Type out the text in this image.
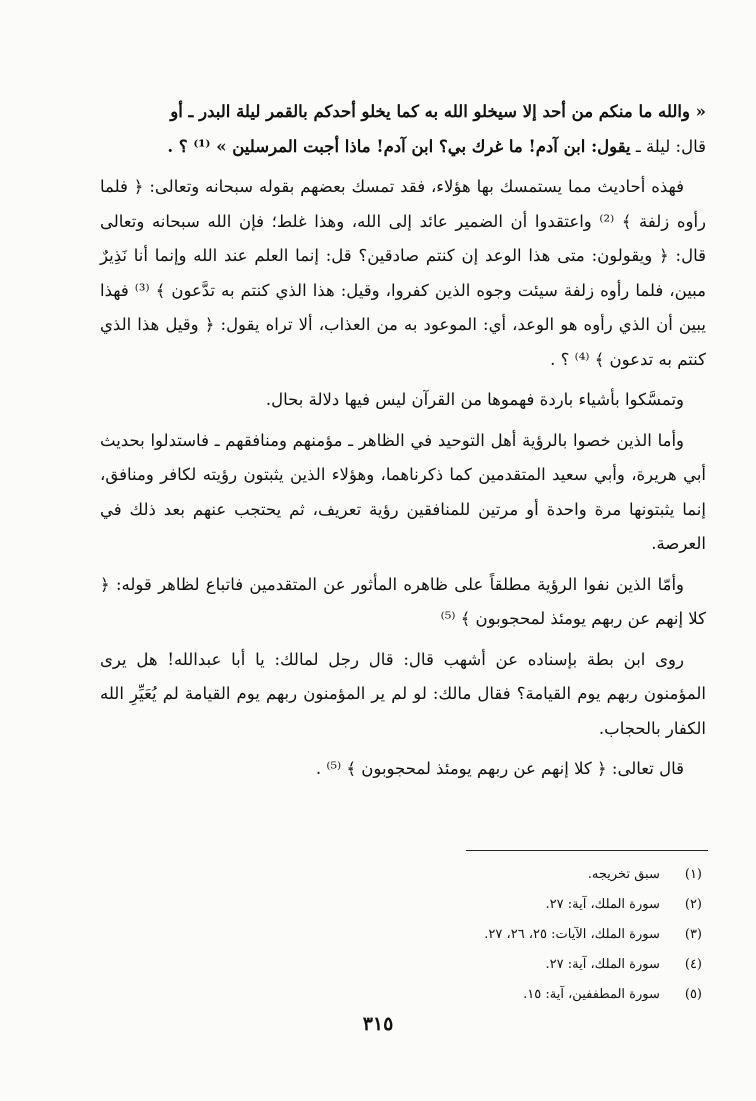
« والله ما منكم من أحد إلا سيخلو الله به كما يخلو أحدكم بالقمر ليلة البدر ـ أو
قال: ليلة ـ يقول: ابن آدم! ما غرك بي؟ ابن آدم! ماذا أجبت المرسلين » ⁽¹⁾ ؟ .

فهذه أحاديث مما يستمسك بها هؤلاء، فقد تمسك بعضهم بقوله سبحانه وتعالى: ﴿ فلما رأوه زلفة ﴾ ⁽²⁾ واعتقدوا أن الضمير عائد إلى الله، وهذا غلط؛ فإن الله سبحانه وتعالى قال: ﴿ ويقولون: متى هذا الوعد إن كنتم صادقين؟ قل: إنما العلم عند الله وإنما أنا نَذِيرٌ مبين، فلما رأوه زلفة سيئت وجوه الذين كفروا، وقيل: هذا الذي كنتم به تدَّعون ﴾ ⁽³⁾ فهذا يبين أن الذي رأوه هو الوعد، أي: الموعود به من العذاب، ألا تراه يقول: ﴿ وقيل هذا الذي كنتم به تدعون ﴾ ⁽⁴⁾ ؟ .

وتمسَّكوا بأشياء باردة فهموها من القرآن ليس فيها دلالة بحال.

وأما الذين خصوا بالرؤية أهل التوحيد في الظاهر ـ مؤمنهم ومنافقهم ـ فاستدلوا بحديث أبي هريرة، وأبي سعيد المتقدمين كما ذكرناهما، وهؤلاء الذين يثبتون رؤيته لكافر ومنافق، إنما يثبتونها مرة واحدة أو مرتين للمنافقين رؤية تعريف، ثم يحتجب عنهم بعد ذلك في العرصة.

وأمّا الذين نفوا الرؤية مطلقاً على ظاهره المأثور عن المتقدمين فاتباع لظاهر قوله: ﴿ كلا إنهم عن ربهم يومئذ لمحجوبون ﴾ ⁽⁵⁾

روى ابن بطة بإسناده عن أشهب قال: قال رجل لمالك: يا أبا عبدالله! هل يرى المؤمنون ربهم يوم القيامة؟ فقال مالك: لو لم ير المؤمنون ربهم يوم القيامة لم يُعَيِّرِ الله الكفار بالحجاب.

قال تعالى: ﴿ كلا إنهم عن ربهم يومئذ لمحجوبون ﴾ ⁽⁵⁾ .

(١) سبق تخريجه.
(٢) سورة الملك، آية: ٢٧.
(٣) سورة الملك، الآيات: ٢٥، ٢٦، ٢٧.
(٤) سورة الملك، آية: ٢٧.
(٥) سورة المطففين، آية: ١٥.
٣١٥
